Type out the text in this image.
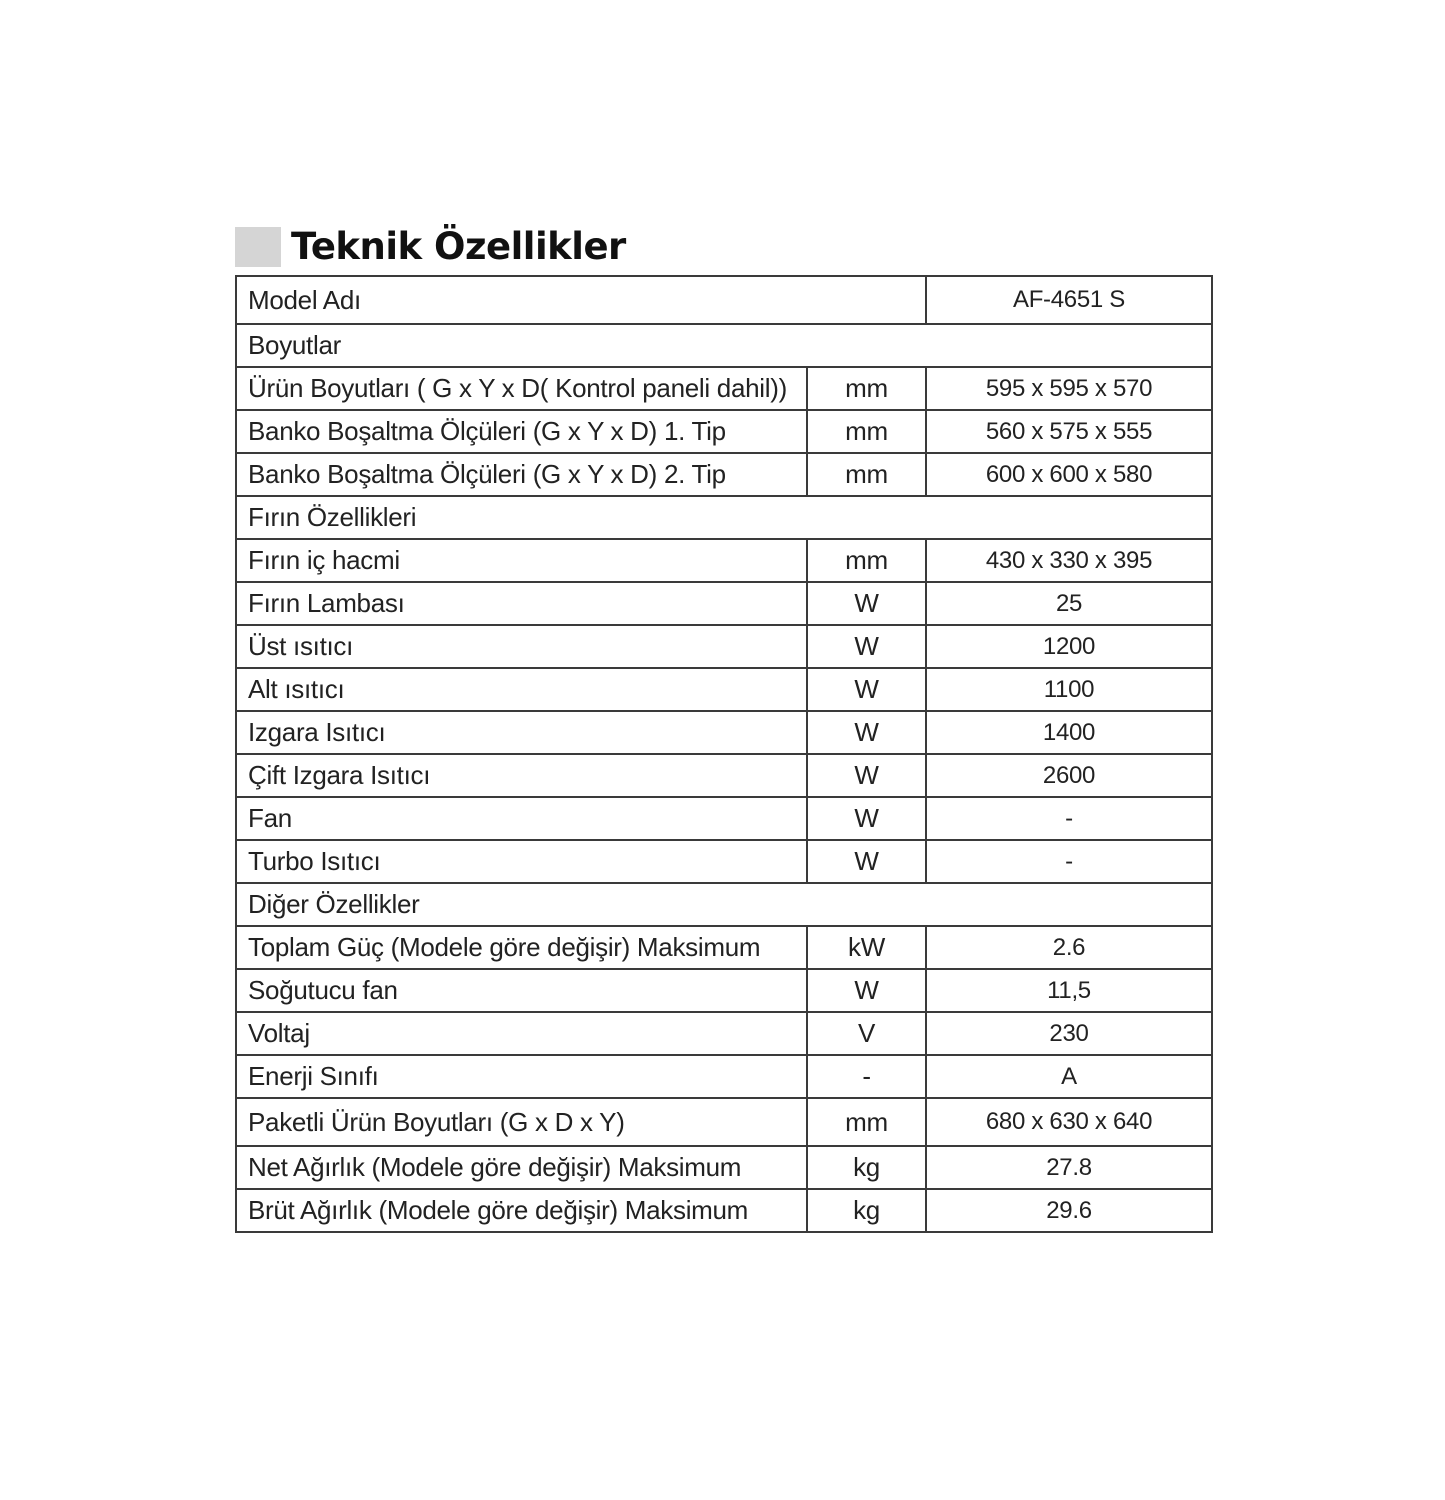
Teknik Özellikler
Model Adı		AF-4651 S
Boyutlar		
Ürün Boyutları ( G x Y x D( Kontrol paneli dahil))	mm	595 x 595 x 570
Banko Boşaltma Ölçüleri (G x Y x D) 1. Tip	mm	560 x 575 x 555
Banko Boşaltma Ölçüleri (G x Y x D) 2. Tip	mm	600 x 600 x 580
Fırın Özellikleri		
Fırın iç hacmi	mm	430 x 330 x 395
Fırın Lambası	W	25
Üst ısıtıcı	W	1200
Alt ısıtıcı	W	1100
Izgara Isıtıcı	W	1400
Çift Izgara Isıtıcı	W	2600
Fan	W	-
Turbo Isıtıcı	W	-
Diğer Özellikler		
Toplam Güç (Modele göre değişir) Maksimum	kW	2.6
Soğutucu fan	W	11,5
Voltaj	V	230
Enerji Sınıfı	-	A
Paketli Ürün Boyutları (G x D x Y)	mm	680 x 630 x 640
Net Ağırlık (Modele göre değişir) Maksimum	kg	27.8
Brüt Ağırlık (Modele göre değişir) Maksimum	kg	29.6
